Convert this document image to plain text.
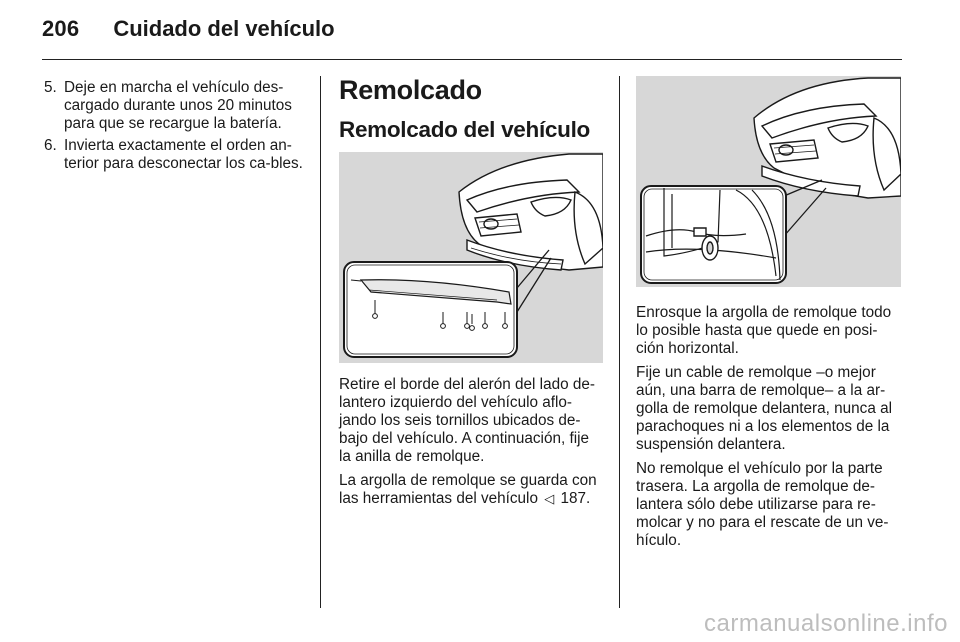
206 Cuidado del vehículo
5. Deje en marcha el vehículo des-cargado durante unos 20 minutos para que se recargue la batería.
6. Invierta exactamente el orden an-terior para desconectar los ca-bles.
Remolcado
Remolcado del vehículo

Retire el borde del alerón del lado de-lantero izquierdo del vehículo aflo-jando los seis tornillos ubicados de-bajo del vehículo. A continuación, fije la anilla de remolque.

La argolla de remolque se guarda con las herramientas del vehículo ◁ 187.

Enrosque la argolla de remolque todo lo posible hasta que quede en posi-ción horizontal.

Fije un cable de remolque –o mejor aún, una barra de remolque– a la ar-golla de remolque delantera, nunca al parachoques ni a los elementos de la suspensión delantera.

No remolque el vehículo por la parte trasera. La argolla de remolque de-lantera sólo debe utilizarse para re-molcar y no para el rescate de un ve-hículo.

carmanualsonline.info
